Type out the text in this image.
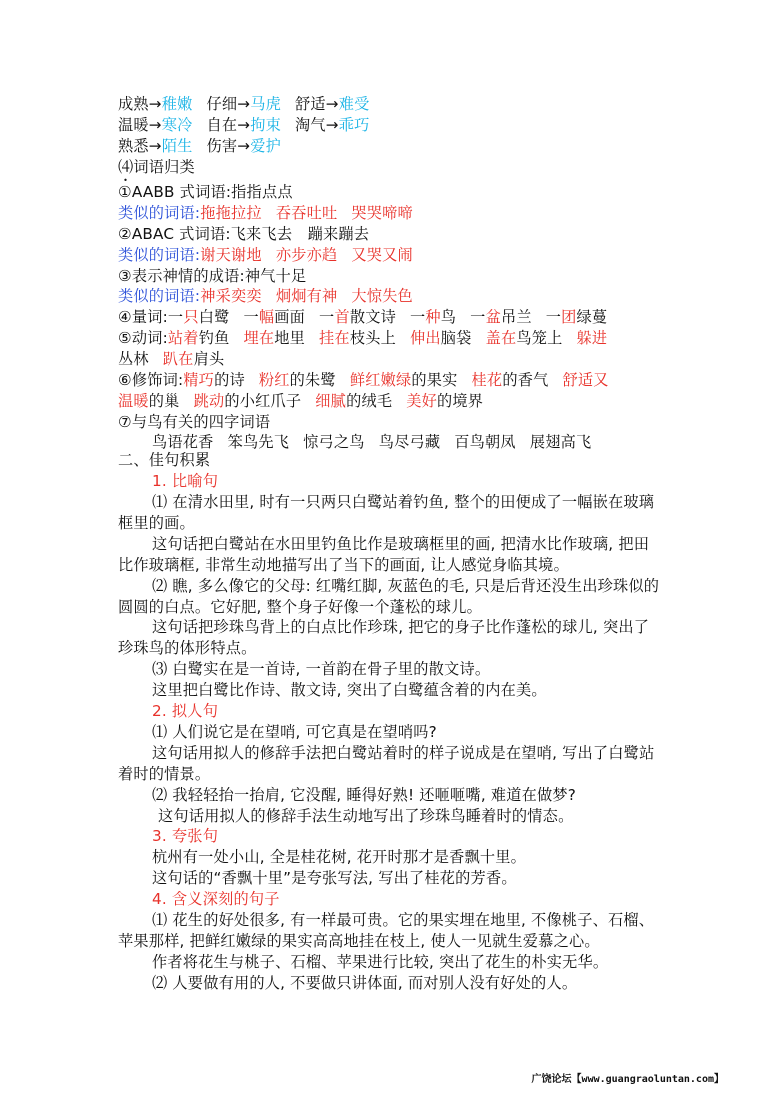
成熟→稚嫩 仔细→马虎 舒适→难受
温暖→寒冷 自在→拘束 淘气→乖巧
熟悉→陌生 伤害→爱护
⑷词语归类
①AABB 式词语:指指点点
类似的词语:拖拖拉拉 吞吞吐吐 哭哭啼啼
②ABAC 式词语:飞来飞去　蹦来蹦去
类似的词语:谢天谢地 亦步亦趋 又哭又闹
③表示神情的成语:神气十足
类似的词语:神采奕奕 炯炯有神 大惊失色
④量词:一只白鹭 一幅画面 一首散文诗 一种鸟 一盆吊兰 一团绿蔓
⑤动词:站着钓鱼 埋在地里 挂在枝头上 伸出脑袋 盖在鸟笼上 躲进
丛林 趴在肩头
⑥修饰词:精巧的诗 粉红的朱鹭 鲜红嫩绿的果实 桂花的香气 舒适又
温暖的巢 跳动的小红爪子 细腻的绒毛 美好的境界
⑦与鸟有关的四字词语
鸟语花香 笨鸟先飞 惊弓之鸟 鸟尽弓藏 百鸟朝凤 展翅高飞
二、佳句积累
1. 比喻句
⑴ 在清水田里, 时有一只两只白鹭站着钓鱼, 整个的田便成了一幅嵌在玻璃
框里的画。
这句话把白鹭站在水田里钓鱼比作是玻璃框里的画, 把清水比作玻璃, 把田
比作玻璃框, 非常生动地描写出了当下的画面, 让人感觉身临其境。
⑵ 瞧, 多么像它的父母: 红嘴红脚, 灰蓝色的毛, 只是后背还没生出珍珠似的
圆圆的白点。它好肥, 整个身子好像一个蓬松的球儿。
这句话把珍珠鸟背上的白点比作珍珠, 把它的身子比作蓬松的球儿, 突出了
珍珠鸟的体形特点。
⑶ 白鹭实在是一首诗, 一首韵在骨子里的散文诗。
这里把白鹭比作诗、散文诗, 突出了白鹭蕴含着的内在美。
2. 拟人句
⑴ 人们说它是在望哨, 可它真是在望哨吗?
这句话用拟人的修辞手法把白鹭站着时的样子说成是在望哨, 写出了白鹭站
着时的情景。
⑵ 我轻轻抬一抬肩, 它没醒, 睡得好熟! 还咂咂嘴, 难道在做梦?
这句话用拟人的修辞手法生动地写出了珍珠鸟睡着时的情态。
3. 夸张句
杭州有一处小山, 全是桂花树, 花开时那才是香飘十里。
这句话的“香飘十里”是夸张写法, 写出了桂花的芳香。
4. 含义深刻的句子
⑴ 花生的好处很多, 有一样最可贵。它的果实埋在地里, 不像桃子、石榴、
苹果那样, 把鲜红嫩绿的果实高高地挂在枝上, 使人一见就生爱慕之心。
作者将花生与桃子、石榴、苹果进行比较, 突出了花生的朴实无华。
⑵ 人要做有用的人, 不要做只讲体面, 而对别人没有好处的人。
广饶论坛【www.guangraoluntan.com】
